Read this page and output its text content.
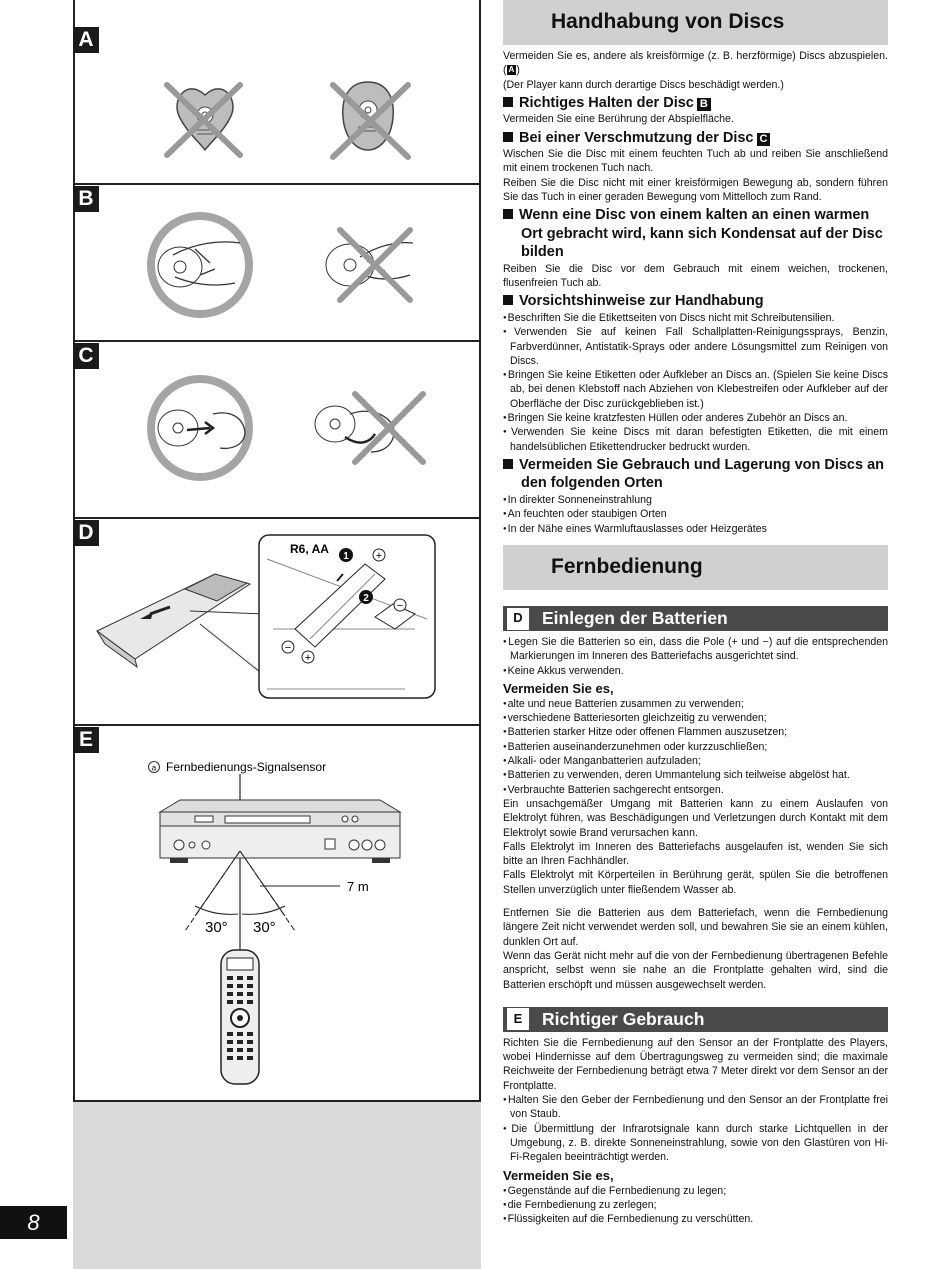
A
B
C
D
R6, AA
1
2
+
−
−
+
E
a Fernbedienungs-Signalsensor
7 m
30° 30°
8
Handhabung von Discs

Vermeiden Sie es, andere als kreisförmige (z. B. herzförmige) Discs abzuspielen. ( A )

(Der Player kann durch derartige Discs beschädigt werden.)

Richtiges Halten der Disc B

Vermeiden Sie eine Berührung der Abspielfläche.

Bei einer Verschmutzung der Disc C

Wischen Sie die Disc mit einem feuchten Tuch ab und reiben Sie anschließend mit einem trockenen Tuch nach.

Reiben Sie die Disc nicht mit einer kreisförmigen Bewegung ab, sondern führen Sie das Tuch in einer geraden Bewegung vom Mittelloch zum Rand.

Wenn eine Disc von einem kalten an einen warmen Ort gebracht wird, kann sich Kondensat auf der Disc bilden

Reiben Sie die Disc vor dem Gebrauch mit einem weichen, trockenen, flusenfreien Tuch ab.

Vorsichtshinweise zur Handhabung
● Beschriften Sie die Etikettseiten von Discs nicht mit Schreibutensilien.
● Verwenden Sie auf keinen Fall Schallplatten-Reinigungssprays, Benzin, Farbverdünner, Antistatik-Sprays oder andere Lösungsmittel zum Reinigen von Discs.
● Bringen Sie keine Etiketten oder Aufkleber an Discs an. (Spielen Sie keine Discs ab, bei denen Klebstoff nach Abziehen von Klebestreifen oder Aufkleber auf der Oberfläche der Disc zurückgeblieben ist.)
● Bringen Sie keine kratzfesten Hüllen oder anderes Zubehör an Discs an.
● Verwenden Sie keine Discs mit daran befestigten Etiketten, die mit einem handelsüblichen Etikettendrucker bedruckt wurden.
Vermeiden Sie Gebrauch und Lagerung von Discs an den folgenden Orten
● In direkter Sonneneinstrahlung
● An feuchten oder staubigen Orten
● In der Nähe eines Warmluftauslasses oder Heizgerätes
Fernbedienung
D	Einlegen der Batterien
● Legen Sie die Batterien so ein, dass die Pole (+ und −) auf die entsprechenden Markierungen im Inneren des Batteriefachs ausgerichtet sind.
● Keine Akkus verwenden.
Vermeiden Sie es,
● alte und neue Batterien zusammen zu verwenden;
● verschiedene Batteriesorten gleichzeitig zu verwenden;
● Batterien starker Hitze oder offenen Flammen auszusetzen;
● Batterien auseinanderzunehmen oder kurzzuschließen;
● Alkali- oder Manganbatterien aufzuladen;
● Batterien zu verwenden, deren Ummantelung sich teilweise abgelöst hat.
● Verbrauchte Batterien sachgerecht entsorgen.

Ein unsachgemäßer Umgang mit Batterien kann zu einem Auslaufen von Elektrolyt führen, was Beschädigungen und Verletzungen durch Kontakt mit dem Elektrolyt sowie Brand verursachen kann.

Falls Elektrolyt im Inneren des Batteriefachs ausgelaufen ist, wenden Sie sich bitte an Ihren Fachhändler.

Falls Elektrolyt mit Körperteilen in Berührung gerät, spülen Sie die betroffenen Stellen unverzüglich unter fließendem Wasser ab.

Entfernen Sie die Batterien aus dem Batteriefach, wenn die Fernbedienung längere Zeit nicht verwendet werden soll, und bewahren Sie sie an einem kühlen, dunklen Ort auf.

Wenn das Gerät nicht mehr auf die von der Fernbedienung übertragenen Befehle anspricht, selbst wenn sie nahe an die Frontplatte gehalten wird, sind die Batterien erschöpft und müssen ausgewechselt werden.

E	Richtiger Gebrauch

Richten Sie die Fernbedienung auf den Sensor an der Frontplatte des Players, wobei Hindernisse auf dem Übertragungsweg zu vermeiden sind; die maximale Reichweite der Fernbedienung beträgt etwa 7 Meter direkt vor dem Sensor an der Frontplatte.

● Halten Sie den Geber der Fernbedienung und den Sensor an der Frontplatte frei von Staub.
● Die Übermittlung der Infrarotsignale kann durch starke Lichtquellen in der Umgebung, z. B. direkte Sonneneinstrahlung, sowie von den Glastüren von Hi-Fi-Regalen beeinträchtigt werden.
Vermeiden Sie es,
● Gegenstände auf die Fernbedienung zu legen;
● die Fernbedienung zu zerlegen;
● Flüssigkeiten auf die Fernbedienung zu verschütten.
